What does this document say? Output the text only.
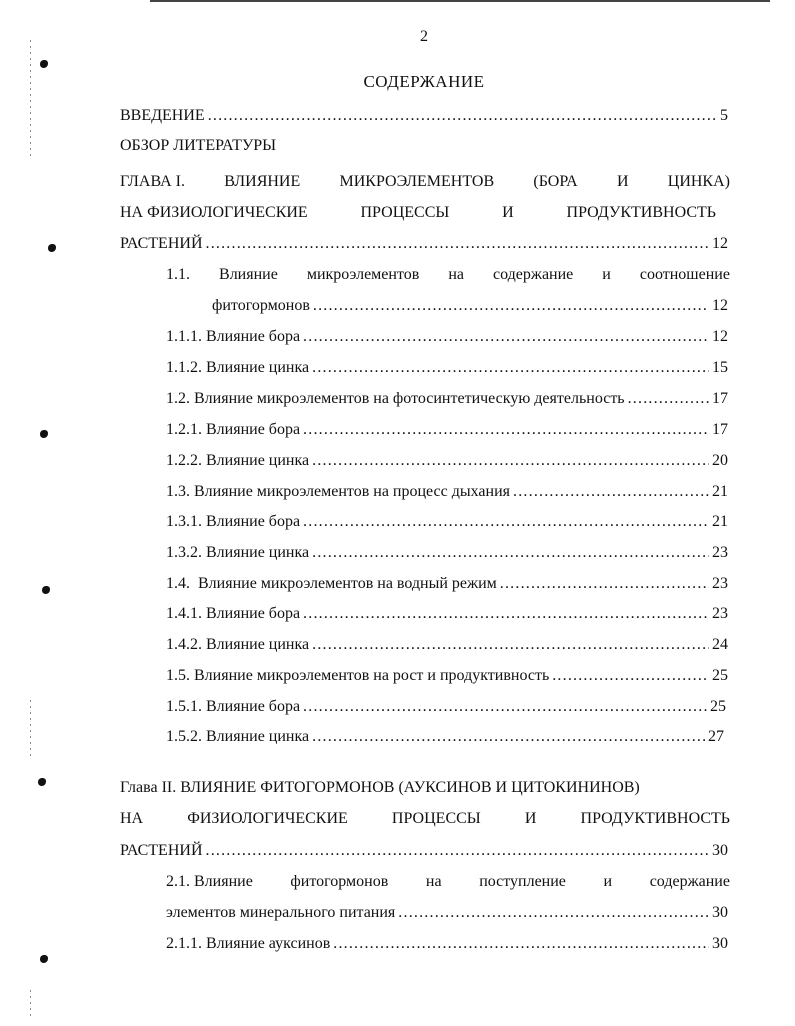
2
СОДЕРЖАНИЕ
ВВЕДЕНИЕ .....	5
ОБЗОР ЛИТЕРАТУРЫ
ГЛАВА I. ВЛИЯНИЕ МИКРОЭЛЕМЕНТОВ (БОРА И ЦИНКА)
НА ФИЗИОЛОГИЧЕСКИЕ	ПРОЦЕССЫ	И	ПРОДУКТИВНОСТЬ
РАСТЕНИЙ .....	12
1.1. Влияние микроэлементов на содержание и соотношение
фитогормонов .....	12
1.1.1. Влияние бора .....	12
1.1.2. Влияние цинка .....	15
1.2. Влияние микроэлементов на фотосинтетическую деятельность .....	17
1.2.1. Влияние бора .....	17
1.2.2. Влияние цинка .....	20
1.3. Влияние микроэлементов на процесс дыхания .....	21
1.3.1. Влияние бора .....	21
1.3.2. Влияние цинка .....	23
1.4.  Влияние микроэлементов на водный режим .....	23
1.4.1. Влияние бора .....	23
1.4.2. Влияние цинка .....	24
1.5. Влияние микроэлементов на рост и продуктивность .....	25
1.5.1. Влияние бора .....	25
1.5.2. Влияние цинка .....	27
Глава II. ВЛИЯНИЕ ФИТОГОРМОНОВ (АУКСИНОВ И ЦИТОКИНИНОВ)
НА	ФИЗИОЛОГИЧЕСКИЕ	ПРОЦЕССЫ	И	ПРОДУКТИВНОСТЬ
РАСТЕНИЙ .....	30
2.1. Влияние фитогормонов на поступление и содержание
элементов минерального питания .....	30
2.1.1. Влияние ауксинов .....	30
